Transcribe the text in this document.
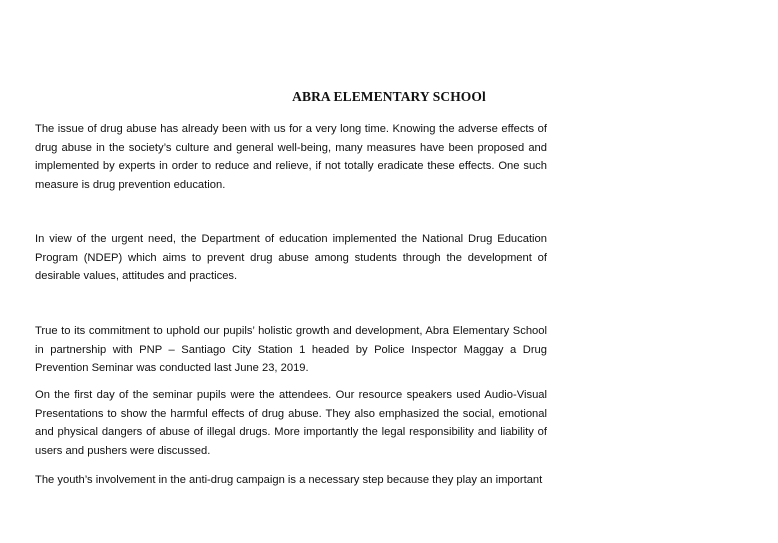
ABRA ELEMENTARY SCHOOl

The issue of drug abuse has already been with us for a very long time. Knowing the adverse effects of drug abuse in the society’s culture and general well-being, many measures have been proposed and implemented by experts in order to reduce and relieve, if not totally eradicate these effects. One such measure is drug prevention education.

In view of the urgent need, the Department of education implemented the National Drug Education Program (NDEP) which aims to prevent drug abuse among students through the development of desirable values, attitudes and practices.

True to its commitment to uphold our pupils’ holistic growth and development, Abra Elementary School in partnership with PNP – Santiago City Station 1 headed by Police Inspector Maggay a Drug Prevention Seminar was conducted last June 23, 2019.

On the first day of the seminar pupils were the attendees. Our resource speakers used Audio-Visual Presentations to show the harmful effects of drug abuse. They also emphasized the social, emotional and physical dangers of abuse of illegal drugs. More importantly the legal responsibility and liability of users and pushers were discussed.

The youth’s involvement in the anti-drug campaign is a necessary step because they play an important
